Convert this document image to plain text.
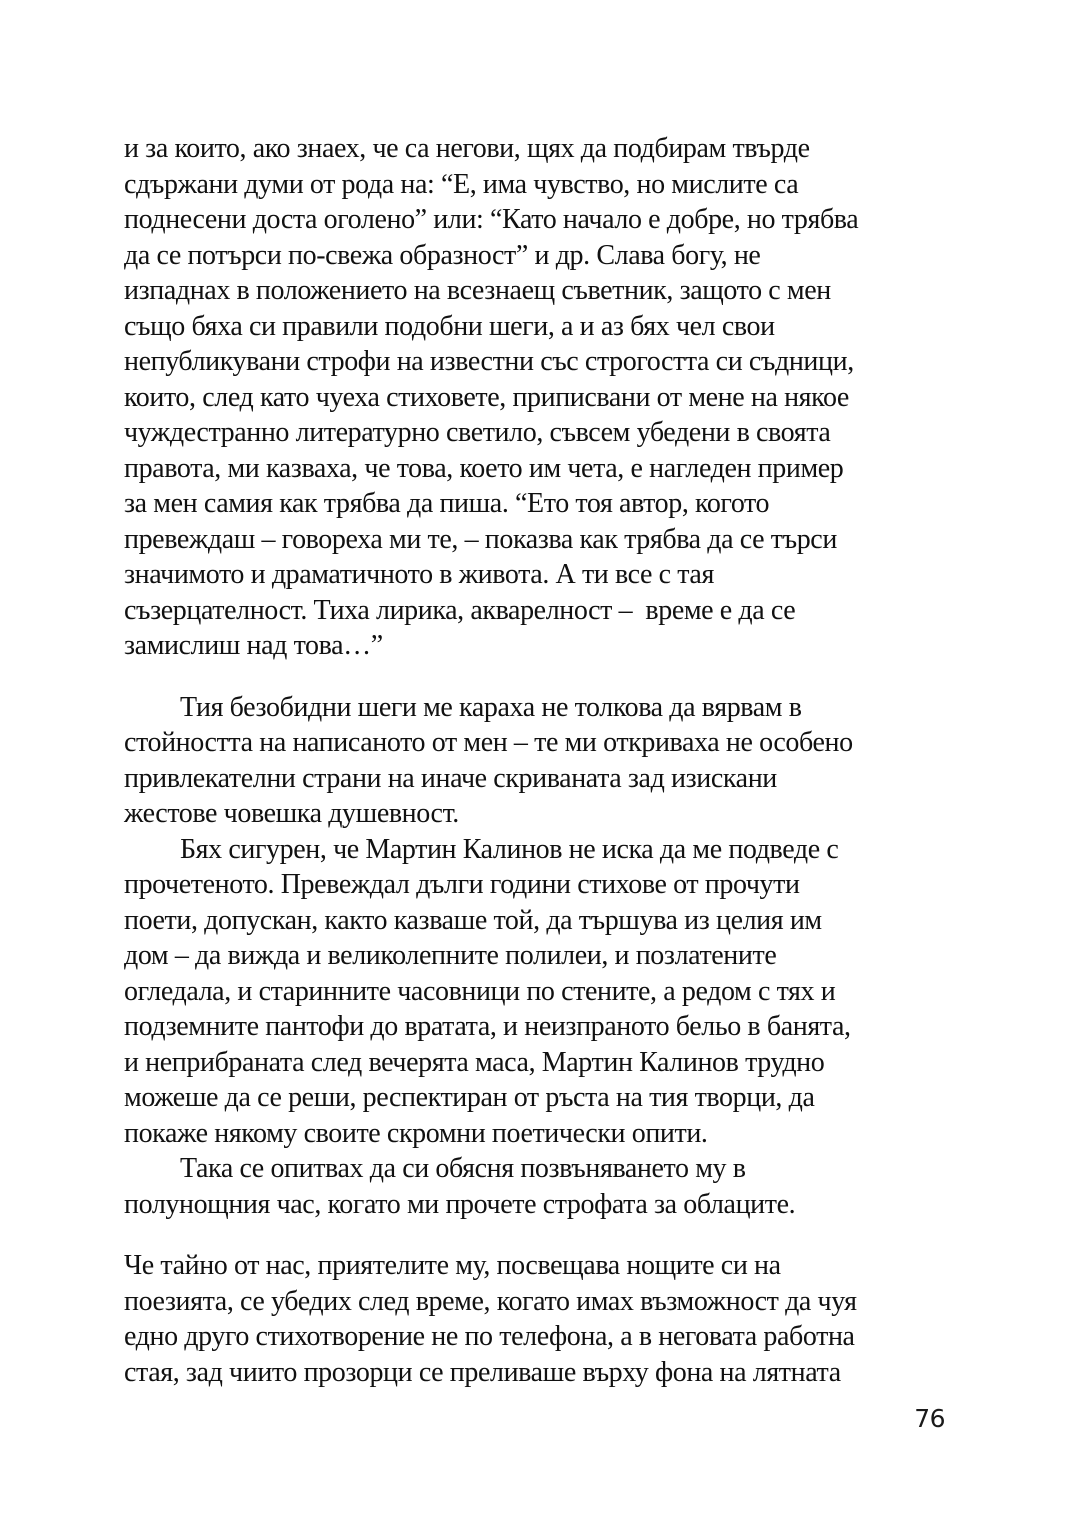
и за които, ако знаех, че са негови, щях да подбирам твърде
сдържани думи от рода на: “Е, има чувство, но мислите са
поднесени доста оголено” или: “Като начало е добре, но трябва
да се потърси по-свежа образност” и др. Слава богу, не
изпаднах в положението на всезнаещ съветник, защото с мен
също бяха си правили подобни шеги, а и аз бях чел свои
непубликувани строфи на известни със строгостта си съдници,
които, след като чуеха стиховете, приписвани от мене на някое
чуждестранно литературно светило, съвсем убедени в своята
правота, ми казваха, че това, което им чета, е нагледен пример
за мен самия как трябва да пиша. “Ето тоя автор, когото
превеждаш – говореха ми те, – показва как трябва да се търси
значимото и драматичното в живота. А ти все с тая
съзерцателност. Тиха лирика, акварелност –  време е да се
замислиш над това…”
Тия безобидни шеги ме караха не толкова да вярвам в
стойността на написаното от мен – те ми откриваха не особено
привлекателни страни на иначе скриваната зад изискани
жестове човешка душевност.
Бях сигурен, че Мартин Калинов не иска да ме подведе с
прочетеното. Превеждал дълги години стихове от прочути
поети, допускан, както казваше той, да тършува из целия им
дом – да вижда и великолепните полилеи, и позлатените
огледала, и старинните часовници по стените, а редом с тях и
подземните пантофи до вратата, и неизпраното бельо в банята,
и неприбраната след вечерята маса, Мартин Калинов трудно
можеше да се реши, респектиран от ръста на тия творци, да
покаже някому своите скромни поетически опити.
Така се опитвах да си обясня позвъняването му в
полунощния час, когато ми прочете строфата за облаците.
Че тайно от нас, приятелите му, посвещава нощите си на
поезията, се убедих след време, когато имах възможност да чуя
едно друго стихотворение не по телефона, а в неговата работна
стая, зад чиито прозорци се преливаше върху фона на лятната
76
